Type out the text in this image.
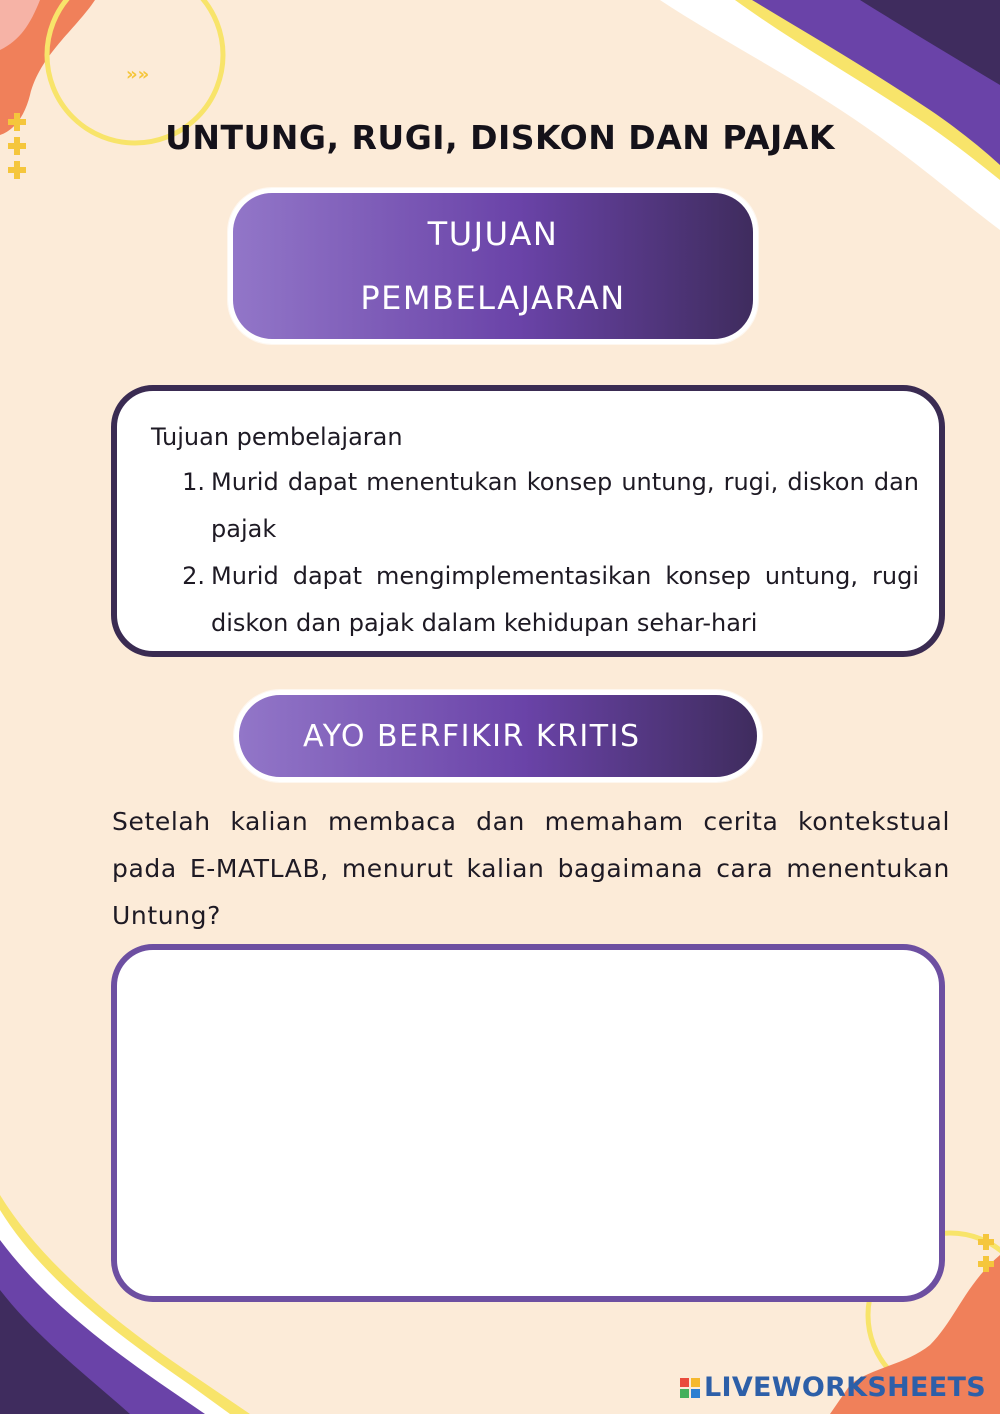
»»
UNTUNG, RUGI, DISKON DAN PAJAK
TUJUAN
PEMBELAJARAN
Tujuan pembelajaran
1. Murid dapat menentukan konsep untung, rugi, diskon dan pajak
2. Murid dapat mengimplementasikan konsep untung, rugi diskon dan pajak dalam kehidupan sehar-hari
AYO BERFIKIR KRITIS

Setelah kalian membaca dan memaham cerita kontekstual pada E-MATLAB, menurut kalian bagaimana cara menentukan Untung?

LIVEWORKSHEETS
